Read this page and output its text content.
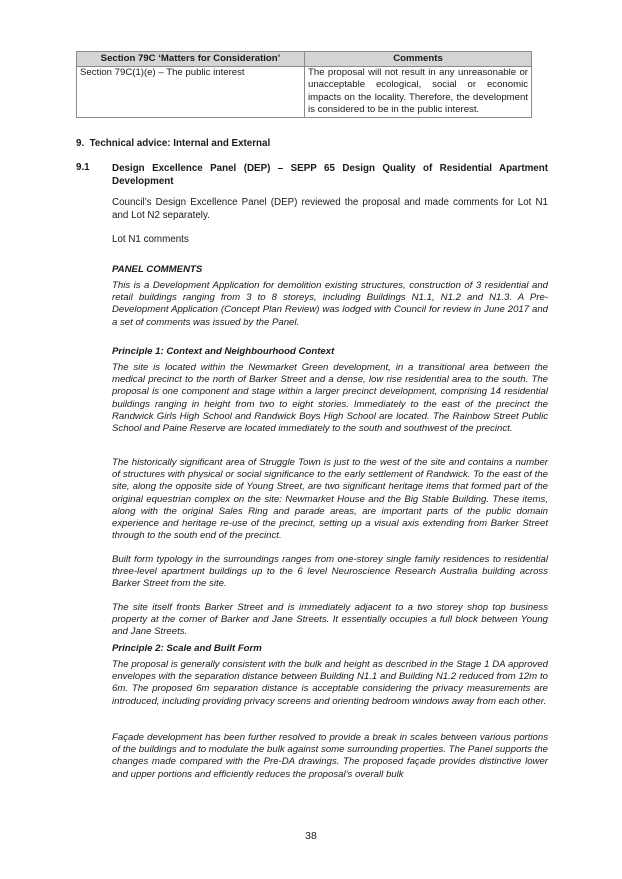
Section 79C ‘Matters for Consideration’	Comments
Section 79C(1)(e) – The public interest	The proposal will not result in any unreasonable or unacceptable ecological, social or economic impacts on the locality. Therefore, the development is considered to be in the public interest.
9.  Technical advice: Internal and External
9.1 Design Excellence Panel (DEP) – SEPP 65 Design Quality of Residential Apartment Development
Council’s Design Excellence Panel (DEP) reviewed the proposal and made comments for Lot N1 and Lot N2 separately.
Lot N1 comments
PANEL COMMENTS
This is a Development Application for demolition existing structures, construction of 3 residential and retail buildings ranging from 3 to 8 storeys, including Buildings N1.1, N1.2 and N1.3. A Pre-Development Application (Concept Plan Review) was lodged with Council for review in June 2017 and a set of comments was issued by the Panel.
Principle 1: Context and Neighbourhood Context
The site is located within the Newmarket Green development, in a transitional area between the medical precinct to the north of Barker Street and a dense, low rise residential area to the south. The proposal is one component and stage within a larger precinct development, comprising 14 residential buildings ranging in height from two to eight stories. Immediately to the east of the precinct the Randwick Girls High School and Randwick Boys High School are located. The Rainbow Street Public School and Paine Reserve are located immediately to the south and southwest of the precinct.
The historically significant area of Struggle Town is just to the west of the site and contains a number of structures with physical or social significance to the early settlement of Randwick. To the east of the site, along the opposite side of Young Street, are two significant heritage items that formed part of the original equestrian complex on the site: Newmarket House and the Big Stable Building. These items, along with the original Sales Ring and parade areas, are important parts of the public domain experience and heritage re-use of the precinct, setting up a visual axis extending from Barker Street through to the south end of the precinct.
Built form typology in the surroundings ranges from one-storey single family residences to residential three-level apartment buildings up to the 6 level Neuroscience Research Australia building across Barker Street from the site.
The site itself fronts Barker Street and is immediately adjacent to a two storey shop top business property at the corner of Barker and Jane Streets. It essentially occupies a full block between Young and Jane Streets.
Principle 2: Scale and Built Form
The proposal is generally consistent with the bulk and height as described in the Stage 1 DA approved envelopes with the separation distance between Building N1.1 and Building N1.2 reduced from 12m to 6m. The proposed 6m separation distance is acceptable considering the privacy measurements are introduced, including providing privacy screens and orienting bedroom windows away from each other.
Façade development has been further resolved to provide a break in scales between various portions of the buildings and to modulate the bulk against some surrounding properties. The Panel supports the changes made compared with the Pre-DA drawings. The proposed façade provides distinctive lower and upper portions and efficiently reduces the proposal’s overall bulk
38
